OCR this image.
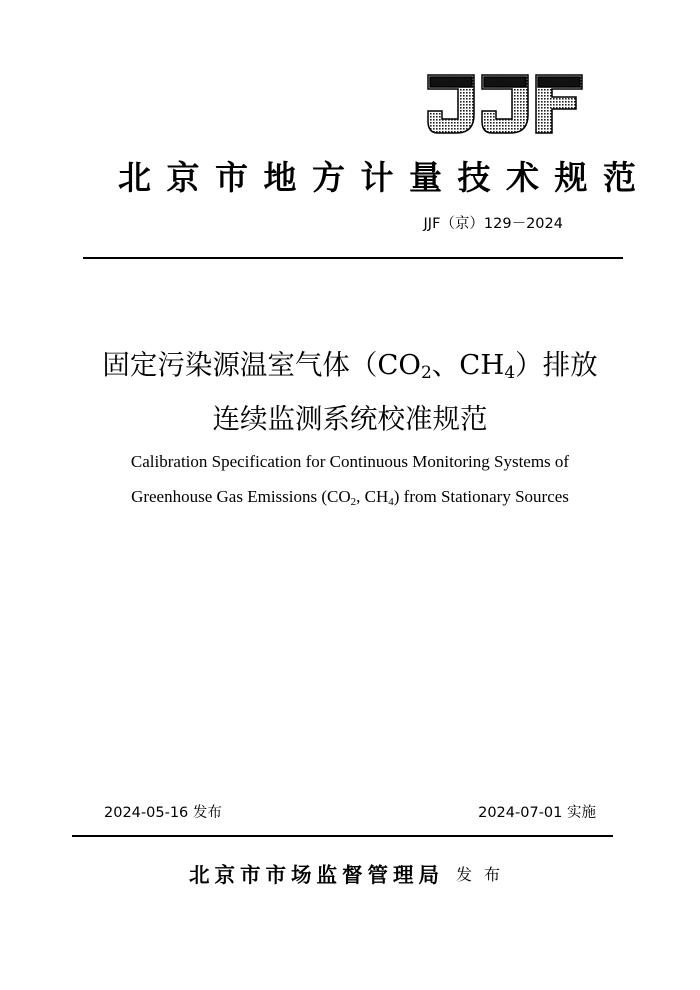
北京市地方计量技术规范
JJF（京）129－2024
固定污染源温室气体（$CO_2$、$CH_4$）排放
连续监测系统校准规范
Calibration Specification for Continuous Monitoring Systems of
Greenhouse Gas Emissions ($CO_2$, $CH_4$) from Stationary Sources
2024-05-16 发布	2024-07-01 实施
北京市市场监督管理局 发布
